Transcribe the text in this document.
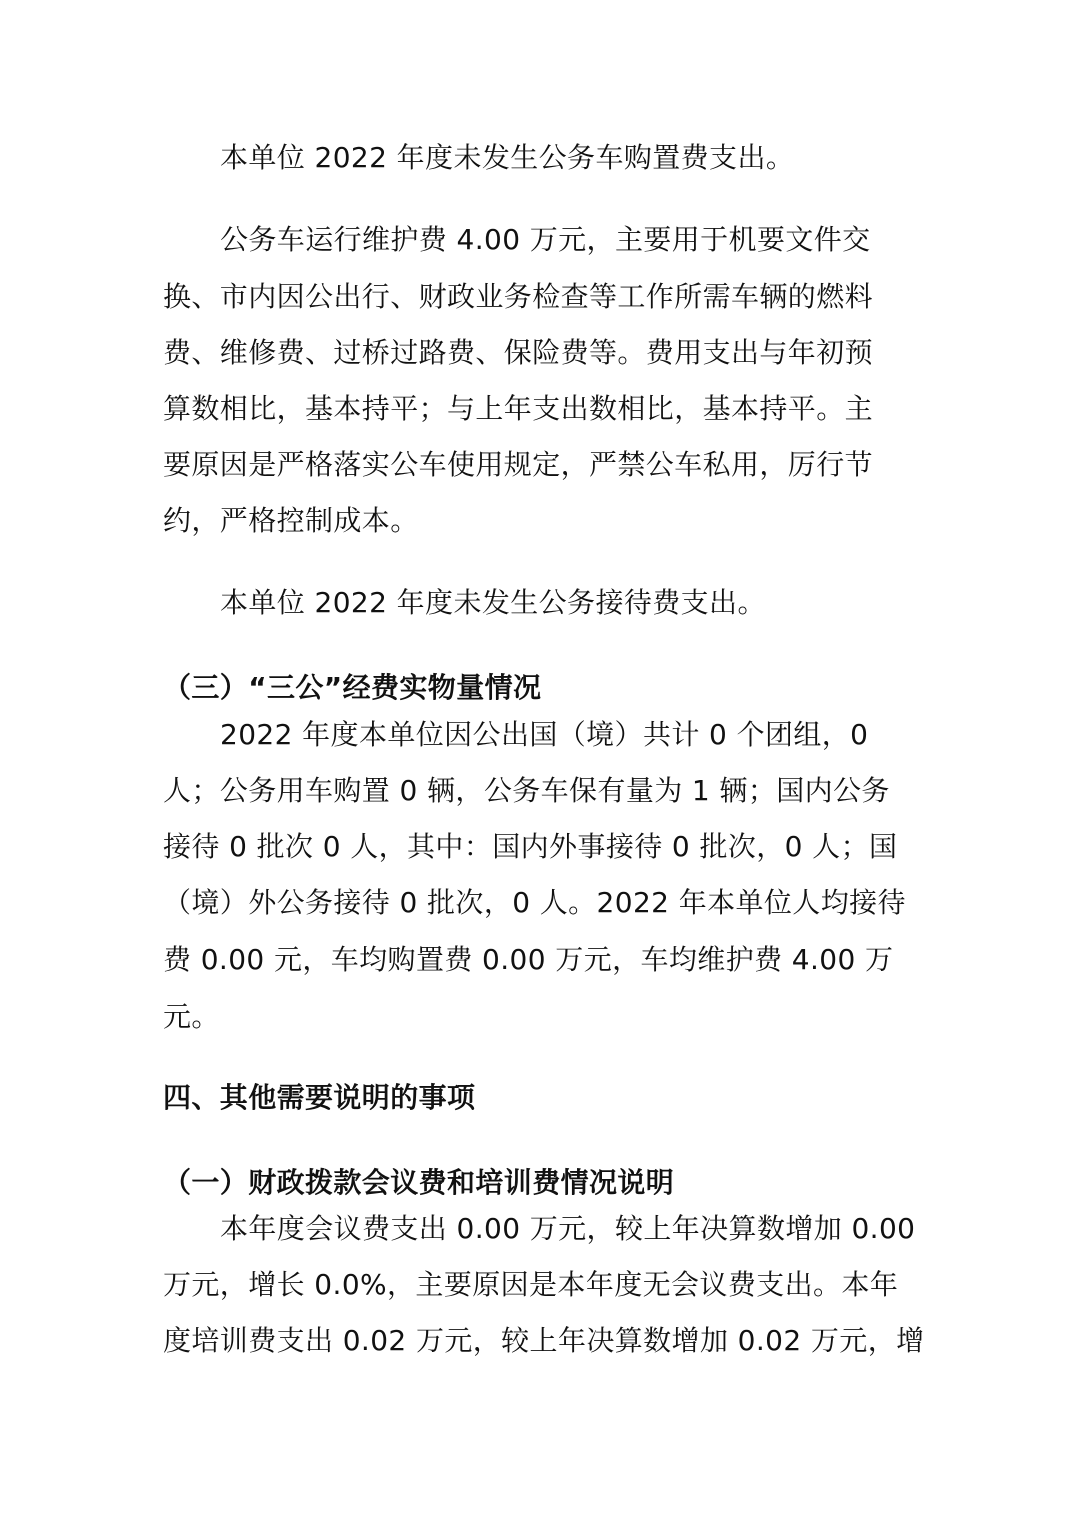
本单位 2022 年度未发生公务车购置费支出。
公务车运行维护费 4.00 万元，主要用于机要文件交
换、市内因公出行、财政业务检查等工作所需车辆的燃料
费、维修费、过桥过路费、保险费等。费用支出与年初预
算数相比，基本持平；与上年支出数相比，基本持平。主
要原因是严格落实公车使用规定，严禁公车私用，厉行节
约，严格控制成本。
本单位 2022 年度未发生公务接待费支出。
（三）“三公”经费实物量情况
2022 年度本单位因公出国（境）共计 0 个团组，0
人；公务用车购置 0 辆，公务车保有量为 1 辆；国内公务
接待 0 批次 0 人，其中：国内外事接待 0 批次，0 人；国
（境）外公务接待 0 批次，0 人。2022 年本单位人均接待
费 0.00 元，车均购置费 0.00 万元，车均维护费 4.00 万
元。
四、其他需要说明的事项
（一）财政拨款会议费和培训费情况说明
本年度会议费支出 0.00 万元，较上年决算数增加 0.00
万元，增长 0.0%，主要原因是本年度无会议费支出。本年
度培训费支出 0.02 万元，较上年决算数增加 0.02 万元，增
